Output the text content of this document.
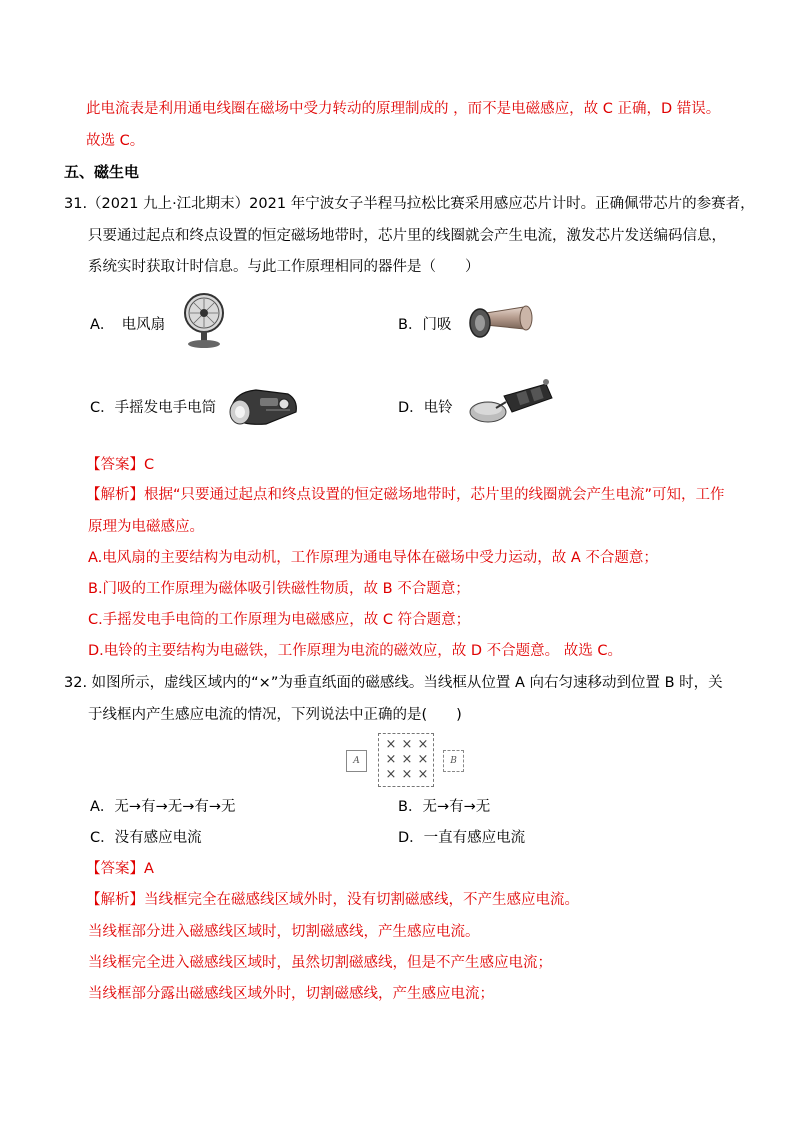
此电流表是利用通电线圈在磁场中受力转动的原理制成的 ，而不是电磁感应，故 C 正确，D 错误。
故选 C。
五、磁生电
31.（2021 九上·江北期末）2021 年宁波女子半程马拉松比赛采用感应芯片计时。正确佩带芯片的参赛者，
只要通过起点和终点设置的恒定磁场地带时，芯片里的线圈就会产生电流，激发芯片发送编码信息，
系统实时获取计时信息。与此工作原理相同的器件是（　　）
A．　电风扇	B．门吸
C．手摇发电手电筒	D．电铃
【答案】C
【解析】根据“只要通过起点和终点设置的恒定磁场地带时，芯片里的线圈就会产生电流”可知，工作
原理为电磁感应。
A.电风扇的主要结构为电动机，工作原理为通电导体在磁场中受力运动，故 A 不合题意；
B.门吸的工作原理为磁体吸引铁磁性物质，故 B 不合题意；
C.手摇发电手电筒的工作原理为电磁感应，故 C 符合题意；
D.电铃的主要结构为电磁铁，工作原理为电流的磁效应，故 D 不合题意。 故选 C。
32. 如图所示，虚线区域内的“×”为垂直纸面的磁感线。当线框从位置 A 向右匀速移动到位置 B 时，关
于线框内产生感应电流的情况，下列说法中正确的是(　　)
A
× × ×
× × ×
× × ×
B
A．无→有→无→有→无	B．无→有→无
C．没有感应电流	D．一直有感应电流
【答案】A
【解析】当线框完全在磁感线区域外时，没有切割磁感线，不产生感应电流。
当线框部分进入磁感线区域时，切割磁感线，产生感应电流。
当线框完全进入磁感线区域时，虽然切割磁感线，但是不产生感应电流；
当线框部分露出磁感线区域外时，切割磁感线，产生感应电流；
